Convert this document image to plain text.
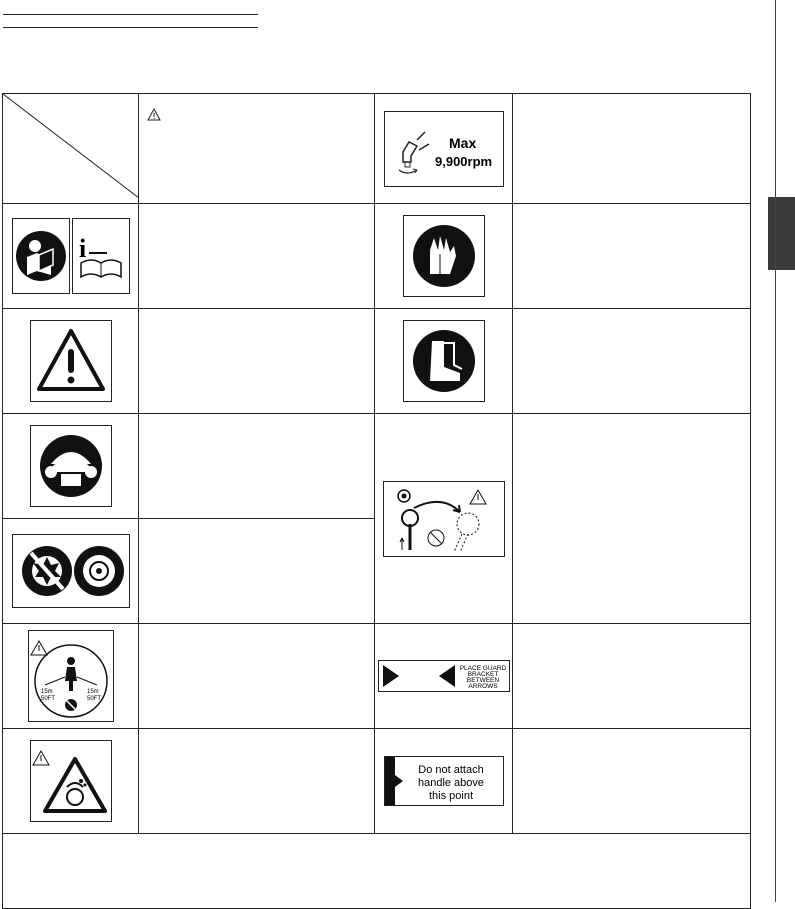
Max
9,900rpm	

i

15m
50FT
15m
50FT		PLACE GUARD
BRACKET
BETWEEN
ARROWS	

Do not attach
handle above
this point	
